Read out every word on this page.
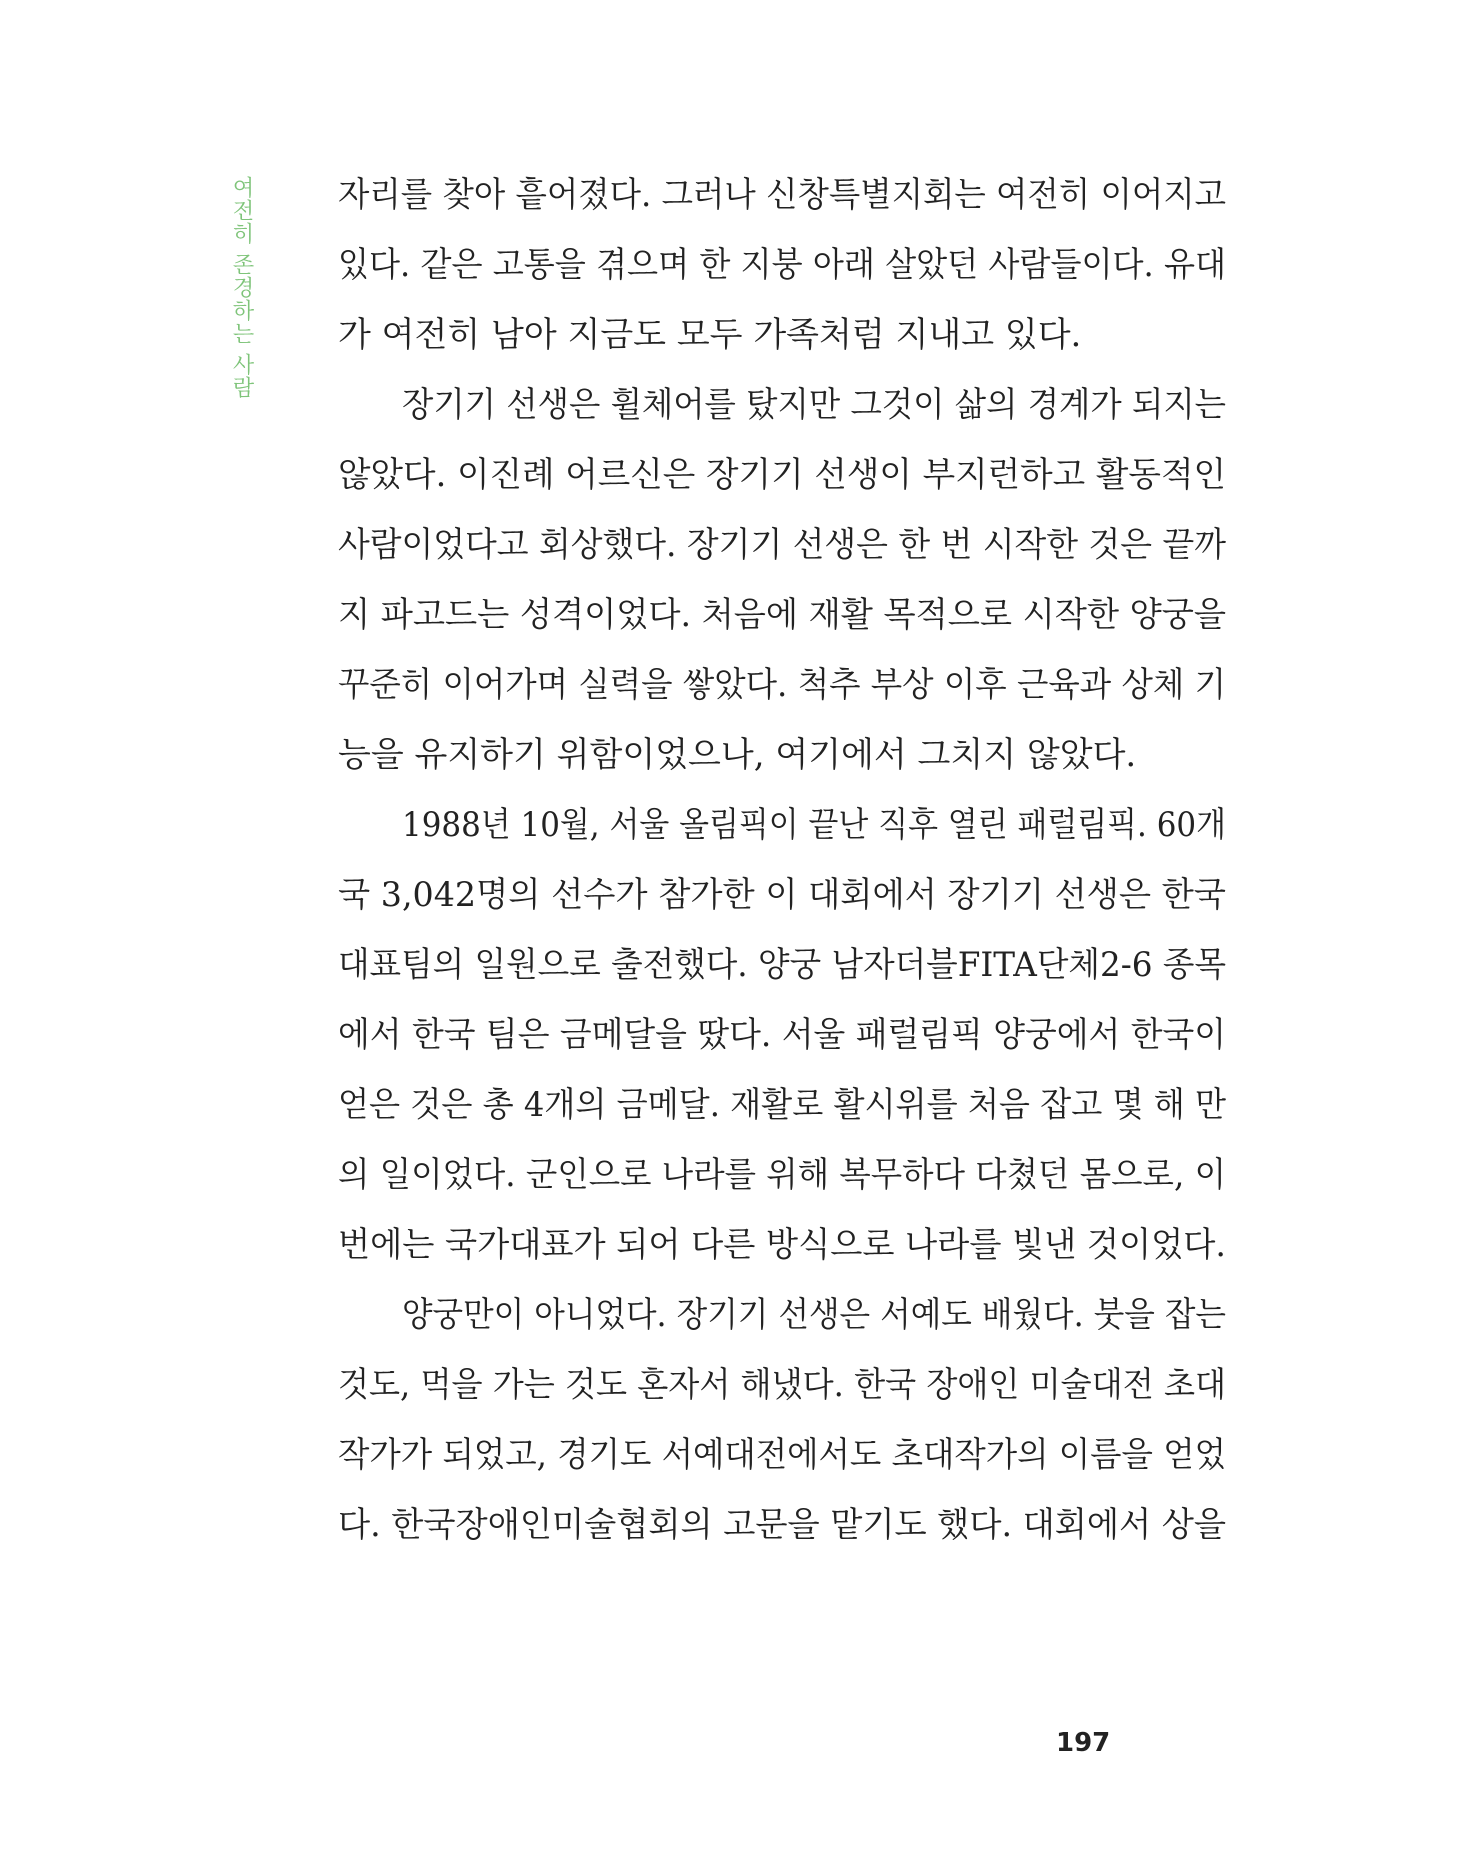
여전히 존경하는 사람 자리를 찾아 흩어졌다. 그러나 신창특별지회는 여전히 이어지고
있다. 같은 고통을 겪으며 한 지붕 아래 살았던 사람들이다. 유대
가 여전히 남아 지금도 모두 가족처럼 지내고 있다.
장기기 선생은 휠체어를 탔지만 그것이 삶의 경계가 되지는
않았다. 이진례 어르신은 장기기 선생이 부지런하고 활동적인
사람이었다고 회상했다. 장기기 선생은 한 번 시작한 것은 끝까
지 파고드는 성격이었다. 처음에 재활 목적으로 시작한 양궁을
꾸준히 이어가며 실력을 쌓았다. 척추 부상 이후 근육과 상체 기
능을 유지하기 위함이었으나, 여기에서 그치지 않았다.
1988년 10월, 서울 올림픽이 끝난 직후 열린 패럴림픽. 60개
국 3,042명의 선수가 참가한 이 대회에서 장기기 선생은 한국
대표팀의 일원으로 출전했다. 양궁 남자더블FITA단체2-6 종목
에서 한국 팀은 금메달을 땄다. 서울 패럴림픽 양궁에서 한국이
얻은 것은 총 4개의 금메달. 재활로 활시위를 처음 잡고 몇 해 만
의 일이었다. 군인으로 나라를 위해 복무하다 다쳤던 몸으로, 이
번에는 국가대표가 되어 다른 방식으로 나라를 빛낸 것이었다.
양궁만이 아니었다. 장기기 선생은 서예도 배웠다. 붓을 잡는
것도, 먹을 가는 것도 혼자서 해냈다. 한국 장애인 미술대전 초대
작가가 되었고, 경기도 서예대전에서도 초대작가의 이름을 얻었
다. 한국장애인미술협회의 고문을 맡기도 했다. 대회에서 상을
197
